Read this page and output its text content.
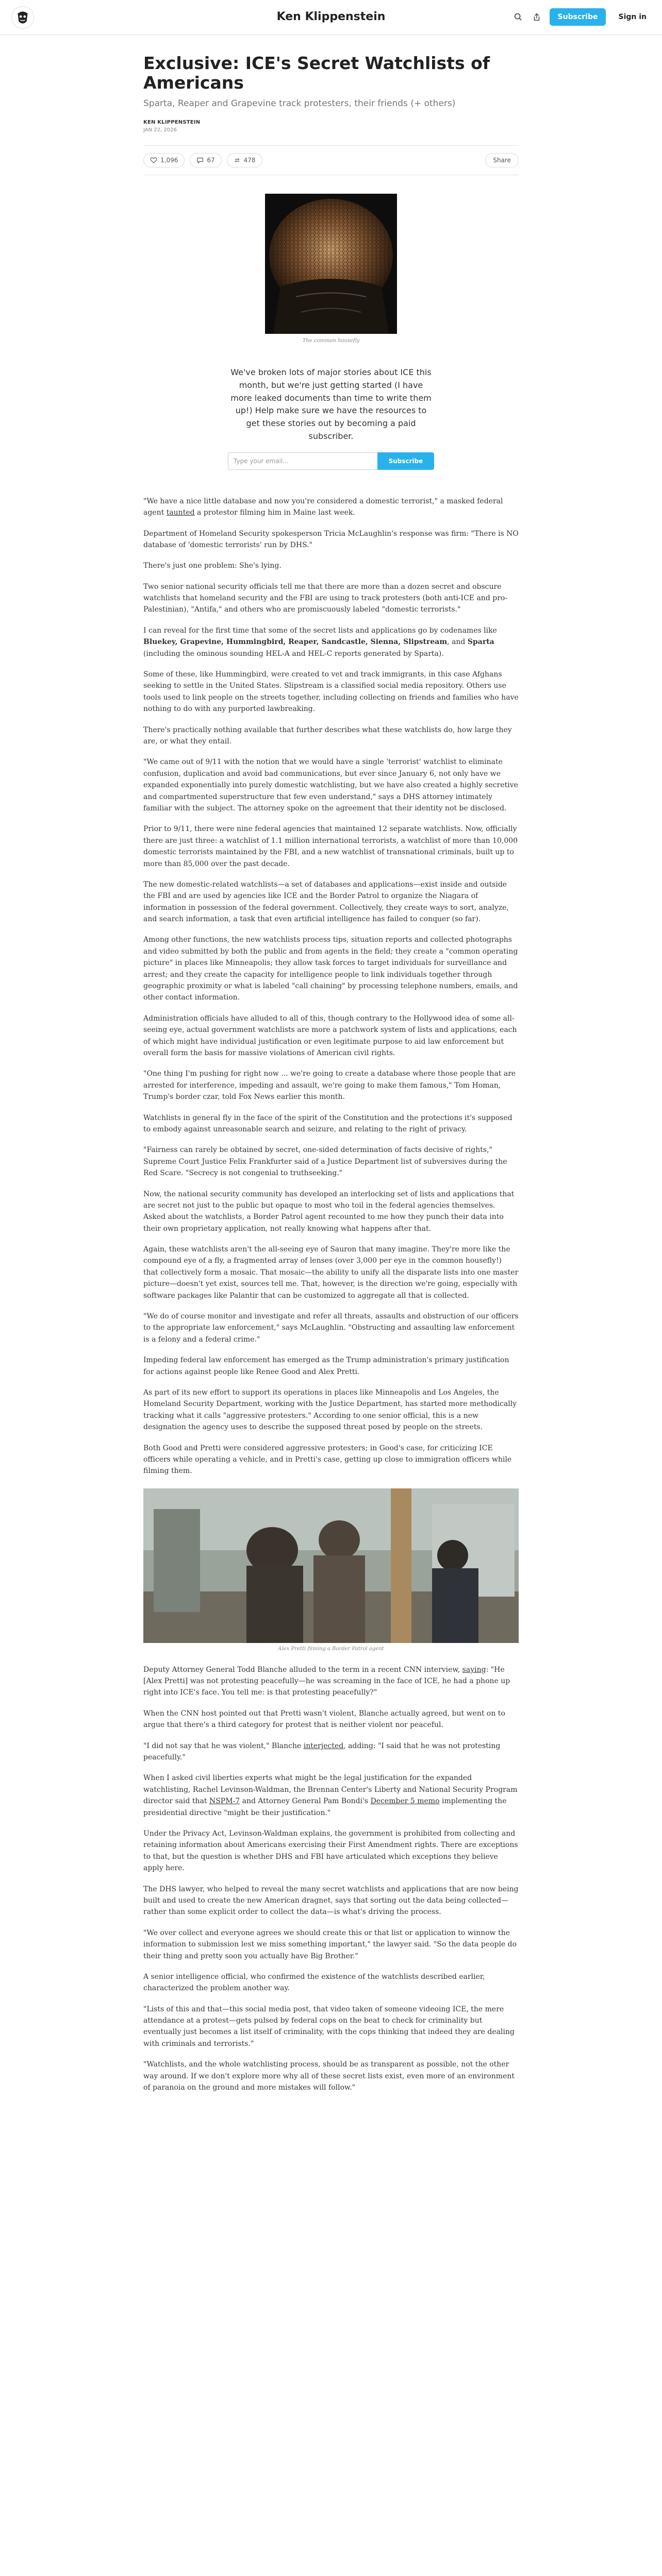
Ken Klippenstein	Subscribe	Sign in
Exclusive: ICE's Secret Watchlists of Americans
Sparta, Reaper and Grapevine track protesters, their friends (+ others)
KEN KLIPPENSTEIN
JAN 22, 2026
1,096	67	478	Share
The common housefly
We've broken lots of major stories about ICE this month, but we're just getting started (I have more leaked documents than time to write them up!) Help make sure we have the resources to get these stories out by becoming a paid subscriber.
Type your email...	Subscribe

"We have a nice little database and now you're considered a domestic terrorist," a masked federal agent taunted a protestor filming him in Maine last week.

Department of Homeland Security spokesperson Tricia McLaughlin's response was firm: "There is NO database of 'domestic terrorists' run by DHS."

There's just one problem: She's lying.

Two senior national security officials tell me that there are more than a dozen secret and obscure watchlists that homeland security and the FBI are using to track protesters (both anti-ICE and pro-Palestinian), "Antifa," and others who are promiscuously labeled "domestic terrorists."

I can reveal for the first time that some of the secret lists and applications go by codenames like Bluekey, Grapevine, Hummingbird, Reaper, Sandcastle, Sienna, Slipstream, and Sparta (including the ominous sounding HEL-A and HEL-C reports generated by Sparta).

Some of these, like Hummingbird, were created to vet and track immigrants, in this case Afghans seeking to settle in the United States. Slipstream is a classified social media repository. Others use tools used to link people on the streets together, including collecting on friends and families who have nothing to do with any purported lawbreaking.

There's practically nothing available that further describes what these watchlists do, how large they are, or what they entail.

"We came out of 9/11 with the notion that we would have a single 'terrorist' watchlist to eliminate confusion, duplication and avoid bad communications, but ever since January 6, not only have we expanded exponentially into purely domestic watchlisting, but we have also created a highly secretive and compartmented superstructure that few even understand," says a DHS attorney intimately familiar with the subject. The attorney spoke on the agreement that their identity not be disclosed.

Prior to 9/11, there were nine federal agencies that maintained 12 separate watchlists. Now, officially there are just three: a watchlist of 1.1 million international terrorists, a watchlist of more than 10,000 domestic terrorists maintained by the FBI, and a new watchlist of transnational criminals, built up to more than 85,000 over the past decade.

The new domestic-related watchlists—a set of databases and applications—exist inside and outside the FBI and are used by agencies like ICE and the Border Patrol to organize the Niagara of information in possession of the federal government. Collectively, they create ways to sort, analyze, and search information, a task that even artificial intelligence has failed to conquer (so far).

Among other functions, the new watchlists process tips, situation reports and collected photographs and video submitted by both the public and from agents in the field; they create a "common operating picture" in places like Minneapolis; they allow task forces to target individuals for surveillance and arrest; and they create the capacity for intelligence people to link individuals together through geographic proximity or what is labeled "call chaining" by processing telephone numbers, emails, and other contact information.

Administration officials have alluded to all of this, though contrary to the Hollywood idea of some all-seeing eye, actual government watchlists are more a patchwork system of lists and applications, each of which might have individual justification or even legitimate purpose to aid law enforcement but overall form the basis for massive violations of American civil rights.

"One thing I'm pushing for right now ... we're going to create a database where those people that are arrested for interference, impeding and assault, we're going to make them famous," Tom Homan, Trump's border czar, told Fox News earlier this month.

Watchlists in general fly in the face of the spirit of the Constitution and the protections it's supposed to embody against unreasonable search and seizure, and relating to the right of privacy.

"Fairness can rarely be obtained by secret, one-sided determination of facts decisive of rights," Supreme Court Justice Felix Frankfurter said of a Justice Department list of subversives during the Red Scare. "Secrecy is not congenial to truthseeking."

Now, the national security community has developed an interlocking set of lists and applications that are secret not just to the public but opaque to most who toil in the federal agencies themselves. Asked about the watchlists, a Border Patrol agent recounted to me how they punch their data into their own proprietary application, not really knowing what happens after that.

Again, these watchlists aren't the all-seeing eye of Sauron that many imagine. They're more like the compound eye of a fly, a fragmented array of lenses (over 3,000 per eye in the common housefly!) that collectively form a mosaic. That mosaic—the ability to unify all the disparate lists into one master picture—doesn't yet exist, sources tell me. That, however, is the direction we're going, especially with software packages like Palantir that can be customized to aggregate all that is collected.

"We do of course monitor and investigate and refer all threats, assaults and obstruction of our officers to the appropriate law enforcement," says McLaughlin. "Obstructing and assaulting law enforcement is a felony and a federal crime."

Impeding federal law enforcement has emerged as the Trump administration's primary justification for actions against people like Renee Good and Alex Pretti.

As part of its new effort to support its operations in places like Minneapolis and Los Angeles, the Homeland Security Department, working with the Justice Department, has started more methodically tracking what it calls "aggressive protesters." According to one senior official, this is a new designation the agency uses to describe the supposed threat posed by people on the streets.

Both Good and Pretti were considered aggressive protesters; in Good's case, for criticizing ICE officers while operating a vehicle, and in Pretti's case, getting up close to immigration officers while filming them.

Alex Pretti filming a Border Patrol agent

Deputy Attorney General Todd Blanche alluded to the term in a recent CNN interview, saying: "He [Alex Pretti] was not protesting peacefully—he was screaming in the face of ICE, he had a phone up right into ICE's face. You tell me: is that protesting peacefully?"

When the CNN host pointed out that Pretti wasn't violent, Blanche actually agreed, but went on to argue that there's a third category for protest that is neither violent nor peaceful.

"I did not say that he was violent," Blanche interjected, adding: "I said that he was not protesting peacefully."

When I asked civil liberties experts what might be the legal justification for the expanded watchlisting, Rachel Levinson-Waldman, the Brennan Center's Liberty and National Security Program director said that NSPM-7 and Attorney General Pam Bondi's December 5 memo implementing the presidential directive "might be their justification."

Under the Privacy Act, Levinson-Waldman explains, the government is prohibited from collecting and retaining information about Americans exercising their First Amendment rights. There are exceptions to that, but the question is whether DHS and FBI have articulated which exceptions they believe apply here.

The DHS lawyer, who helped to reveal the many secret watchlists and applications that are now being built and used to create the new American dragnet, says that sorting out the data being collected—rather than some explicit order to collect the data—is what's driving the process.

"We over collect and everyone agrees we should create this or that list or application to winnow the information to submission lest we miss something important," the lawyer said. "So the data people do their thing and pretty soon you actually have Big Brother."

A senior intelligence official, who confirmed the existence of the watchlists described earlier, characterized the problem another way.

"Lists of this and that—this social media post, that video taken of someone videoing ICE, the mere attendance at a protest—gets pulsed by federal cops on the beat to check for criminality but eventually just becomes a list itself of criminality, with the cops thinking that indeed they are dealing with criminals and terrorists."

"Watchlists, and the whole watchlisting process, should be as transparent as possible, not the other way around. If we don't explore more why all of these secret lists exist, even more of an environment of paranoia on the ground and more mistakes will follow."
